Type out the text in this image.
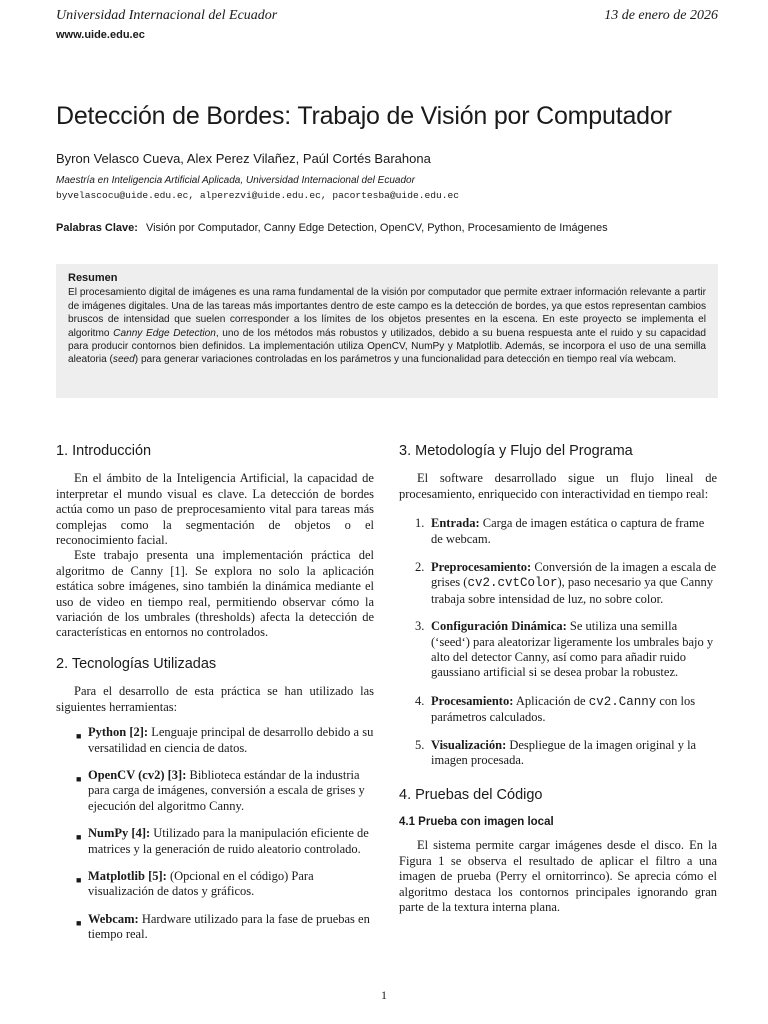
Universidad Internacional del Ecuador	13 de enero de 2026
www.uide.edu.ec
Detección de Bordes: Trabajo de Visión por Computador
Byron Velasco Cueva, Alex Perez Vilañez, Paúl Cortés Barahona
Maestría en Inteligencia Artificial Aplicada, Universidad Internacional del Ecuador
byvelascocu@uide.edu.ec, alperezvi@uide.edu.ec, pacortesba@uide.edu.ec
Palabras Clave: Visión por Computador, Canny Edge Detection, OpenCV, Python, Procesamiento de Imágenes
Resumen

El procesamiento digital de imágenes es una rama fundamental de la visión por computador que permite extraer información relevante a partir de imágenes digitales. Una de las tareas más importantes dentro de este campo es la detección de bordes, ya que estos representan cambios bruscos de intensidad que suelen corresponder a los límites de los objetos presentes en la escena. En este proyecto se implementa el algoritmo Canny Edge Detection, uno de los métodos más robustos y utilizados, debido a su buena respuesta ante el ruido y su capacidad para producir contornos bien definidos. La implementación utiliza OpenCV, NumPy y Matplotlib. Además, se incorpora el uso de una semilla aleatoria (seed) para generar variaciones controladas en los parámetros y una funcionalidad para detección en tiempo real vía webcam.

1. Introducción

En el ámbito de la Inteligencia Artificial, la capacidad de interpretar el mundo visual es clave. La detección de bordes actúa como un paso de preprocesamiento vital para tareas más complejas como la segmentación de objetos o el reconocimiento facial.

Este trabajo presenta una implementación práctica del algoritmo de Canny [1]. Se explora no solo la aplicación estática sobre imágenes, sino también la dinámica mediante el uso de video en tiempo real, permitiendo observar cómo la variación de los umbrales (thresholds) afecta la detección de características en entornos no controlados.

2. Tecnologías Utilizadas

Para el desarrollo de esta práctica se han utilizado las siguientes herramientas:

■ Python [2]: Lenguaje principal de desarrollo debido a su versatilidad en ciencia de datos.
■ OpenCV (cv2) [3]: Biblioteca estándar de la industria para carga de imágenes, conversión a escala de grises y ejecución del algoritmo Canny.
■ NumPy [4]: Utilizado para la manipulación eficiente de matrices y la generación de ruido aleatorio controlado.
■ Matplotlib [5]: (Opcional en el código) Para visualización de datos y gráficos.
■ Webcam: Hardware utilizado para la fase de pruebas en tiempo real.
3. Metodología y Flujo del Programa

El software desarrollado sigue un flujo lineal de procesamiento, enriquecido con interactividad en tiempo real:

1. Entrada: Carga de imagen estática o captura de frame de webcam.
2. Preprocesamiento: Conversión de la imagen a escala de grises (cv2.cvtColor), paso necesario ya que Canny trabaja sobre intensidad de luz, no sobre color.
3. Configuración Dinámica: Se utiliza una semilla (‘seed‘) para aleatorizar ligeramente los umbrales bajo y alto del detector Canny, así como para añadir ruido gaussiano artificial si se desea probar la robustez.
4. Procesamiento: Aplicación de cv2.Canny con los parámetros calculados.
5. Visualización: Despliegue de la imagen original y la imagen procesada.
4. Pruebas del Código
4.1 Prueba con imagen local

El sistema permite cargar imágenes desde el disco. En la Figura 1 se observa el resultado de aplicar el filtro a una imagen de prueba (Perry el ornitorrinco). Se aprecia cómo el algoritmo destaca los contornos principales ignorando gran parte de la textura interna plana.

1
